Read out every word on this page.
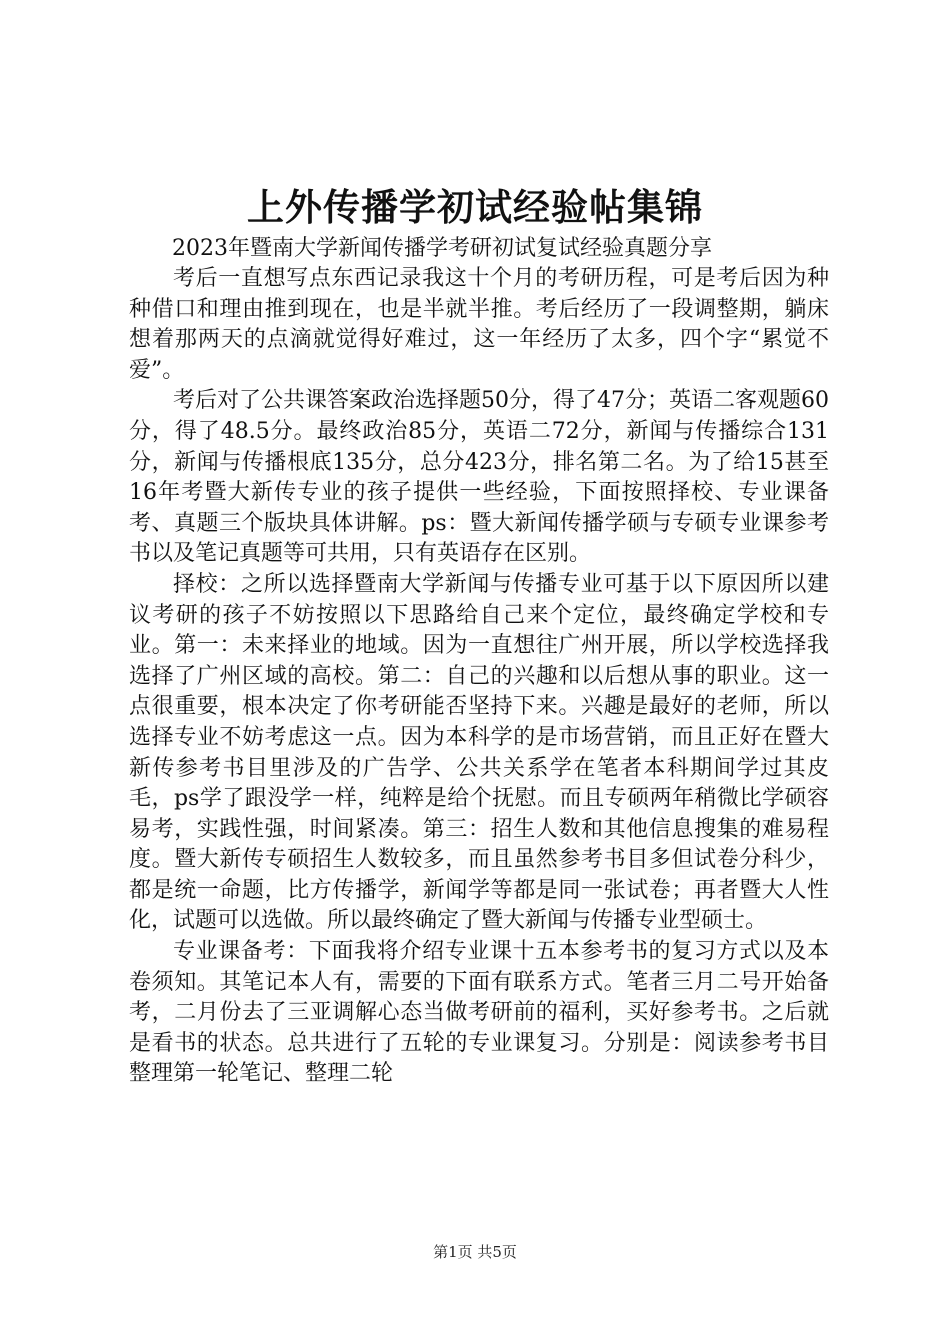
上外传播学初试经验帖集锦
2023年暨南大学新闻传播学考研初试复试经验真题分享

考后一直想写点东西记录我这十个月的考研历程，可是考后因为种种借口和理由推到现在，也是半就半推。考后经历了一段调整期，躺床想着那两天的点滴就觉得好难过，这一年经历了太多，四个字“累觉不爱”。

考后对了公共课答案政治选择题50分，得了47分；英语二客观题60分，得了48.5分。最终政治85分，英语二72分，新闻与传播综合131分，新闻与传播根底135分，总分423分，排名第二名。为了给15甚至16年考暨大新传专业的孩子提供一些经验，下面按照择校、专业课备考、真题三个版块具体讲解。ps：暨大新闻传播学硕与专硕专业课参考书以及笔记真题等可共用，只有英语存在区别。

择校：之所以选择暨南大学新闻与传播专业可基于以下原因所以建议考研的孩子不妨按照以下思路给自己来个定位，最终确定学校和专业。第一：未来择业的地域。因为一直想往广州开展，所以学校选择我选择了广州区域的高校。第二：自己的兴趣和以后想从事的职业。这一点很重要，根本决定了你考研能否坚持下来。兴趣是最好的老师，所以选择专业不妨考虑这一点。因为本科学的是市场营销，而且正好在暨大新传参考书目里涉及的广告学、公共关系学在笔者本科期间学过其皮毛，ps学了跟没学一样，纯粹是给个抚慰。而且专硕两年稍微比学硕容易考，实践性强，时间紧凑。第三：招生人数和其他信息搜集的难易程度。暨大新传专硕招生人数较多，而且虽然参考书目多但试卷分科少，都是统一命题，比方传播学，新闻学等都是同一张试卷；再者暨大人性化，试题可以选做。所以最终确定了暨大新闻与传播专业型硕士。

专业课备考：下面我将介绍专业课十五本参考书的复习方式以及本卷须知。其笔记本人有，需要的下面有联系方式。笔者三月二号开始备考，二月份去了三亚调解心态当做考研前的福利，买好参考书。之后就是看书的状态。总共进行了五轮的专业课复习。分别是：阅读参考书目整理第一轮笔记、整理二轮

第1页 共5页
